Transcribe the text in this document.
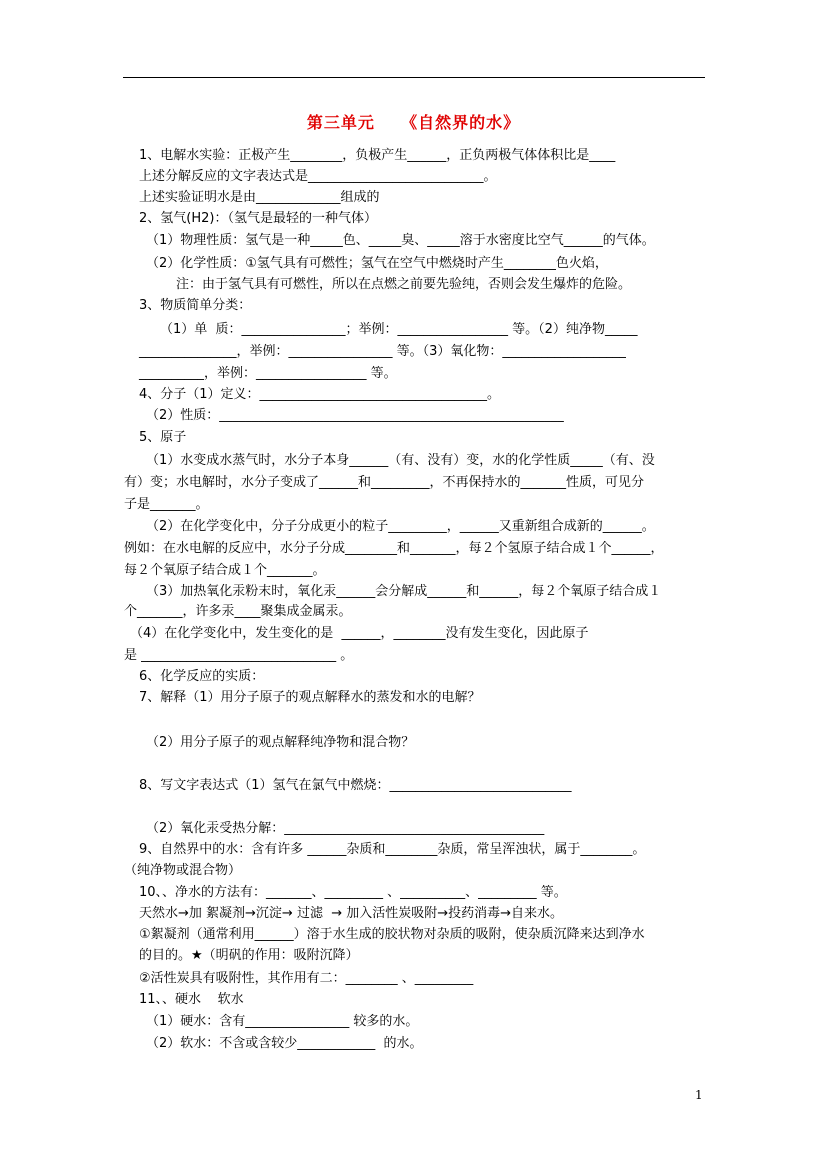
第三单元    《自然界的水》
1、电解水实验：正极产生________，负极产生______，正负两极气体体积比是____
上述分解反应的文字表达式是___________________________。
上述实验证明水是由_____________组成的
2、氢气(H2)：（氢气是最轻的一种气体）
（1）物理性质：氢气是一种_____色、_____臭、_____溶于水密度比空气______的气体。
（2）化学性质：①氢气具有可燃性；氢气在空气中燃烧时产生________色火焰，
注：由于氢气具有可燃性，所以在点燃之前要先验纯，否则会发生爆炸的危险。
3、物质简单分类：
（1）单  质：________________；举例：_________________ 等。（2）纯净物_____
_______________，举例：________________ 等。（3）氧化物：___________________
__________，举例：_________________ 等。
4、分子（1）定义：___________________________________。
（2）性质：_____________________________________________________
5、原子
（1）水变成水蒸气时，水分子本身______（有、没有）变，水的化学性质_____（有、没
有）变；水电解时，水分子变成了______和_________，不再保持水的_______性质，可见分
子是_______。
（2）在化学变化中，分子分成更小的粒子_________，______又重新组合成新的______。
例如：在水电解的反应中，水分子分成________和_______，每２个氢原子结合成１个______，
每２个氧原子结合成１个_______。
（3）加热氧化汞粉末时，氧化汞______会分解成______和______，每２个氧原子结合成１
个_______，许多汞____聚集成金属汞。
（4）在化学变化中，发生变化的是  ______，________没有发生变化，因此原子
是 ______________________________ 。
6、化学反应的实质：
7、解释（1）用分子原子的观点解释水的蒸发和水的电解？
（2）用分子原子的观点解释纯净物和混合物？
8、写文字表达式（1）氢气在氯气中燃烧：____________________________
（2）氧化汞受热分解：________________________________________
9、自然界中的水：含有许多 ______杂质和________杂质，常呈浑浊状，属于________。
（纯净物或混合物）
10、、净水的方法有：_______、_________ 、__________、_________ 等。
天然水→加 絮凝剂→沉淀→ 过滤  → 加入活性炭吸附→投药消毒→自来水。
①絮凝剂（通常利用______）溶于水生成的胶状物对杂质的吸附，使杂质沉降来达到净水
的目的。★（明矾的作用：吸附沉降）
②活性炭具有吸附性，其作用有二：________ 、_________
11、、硬水    软水
（1）硬水：含有________________ 较多的水。
（2）软水：不含或含较少____________  的水。
1
